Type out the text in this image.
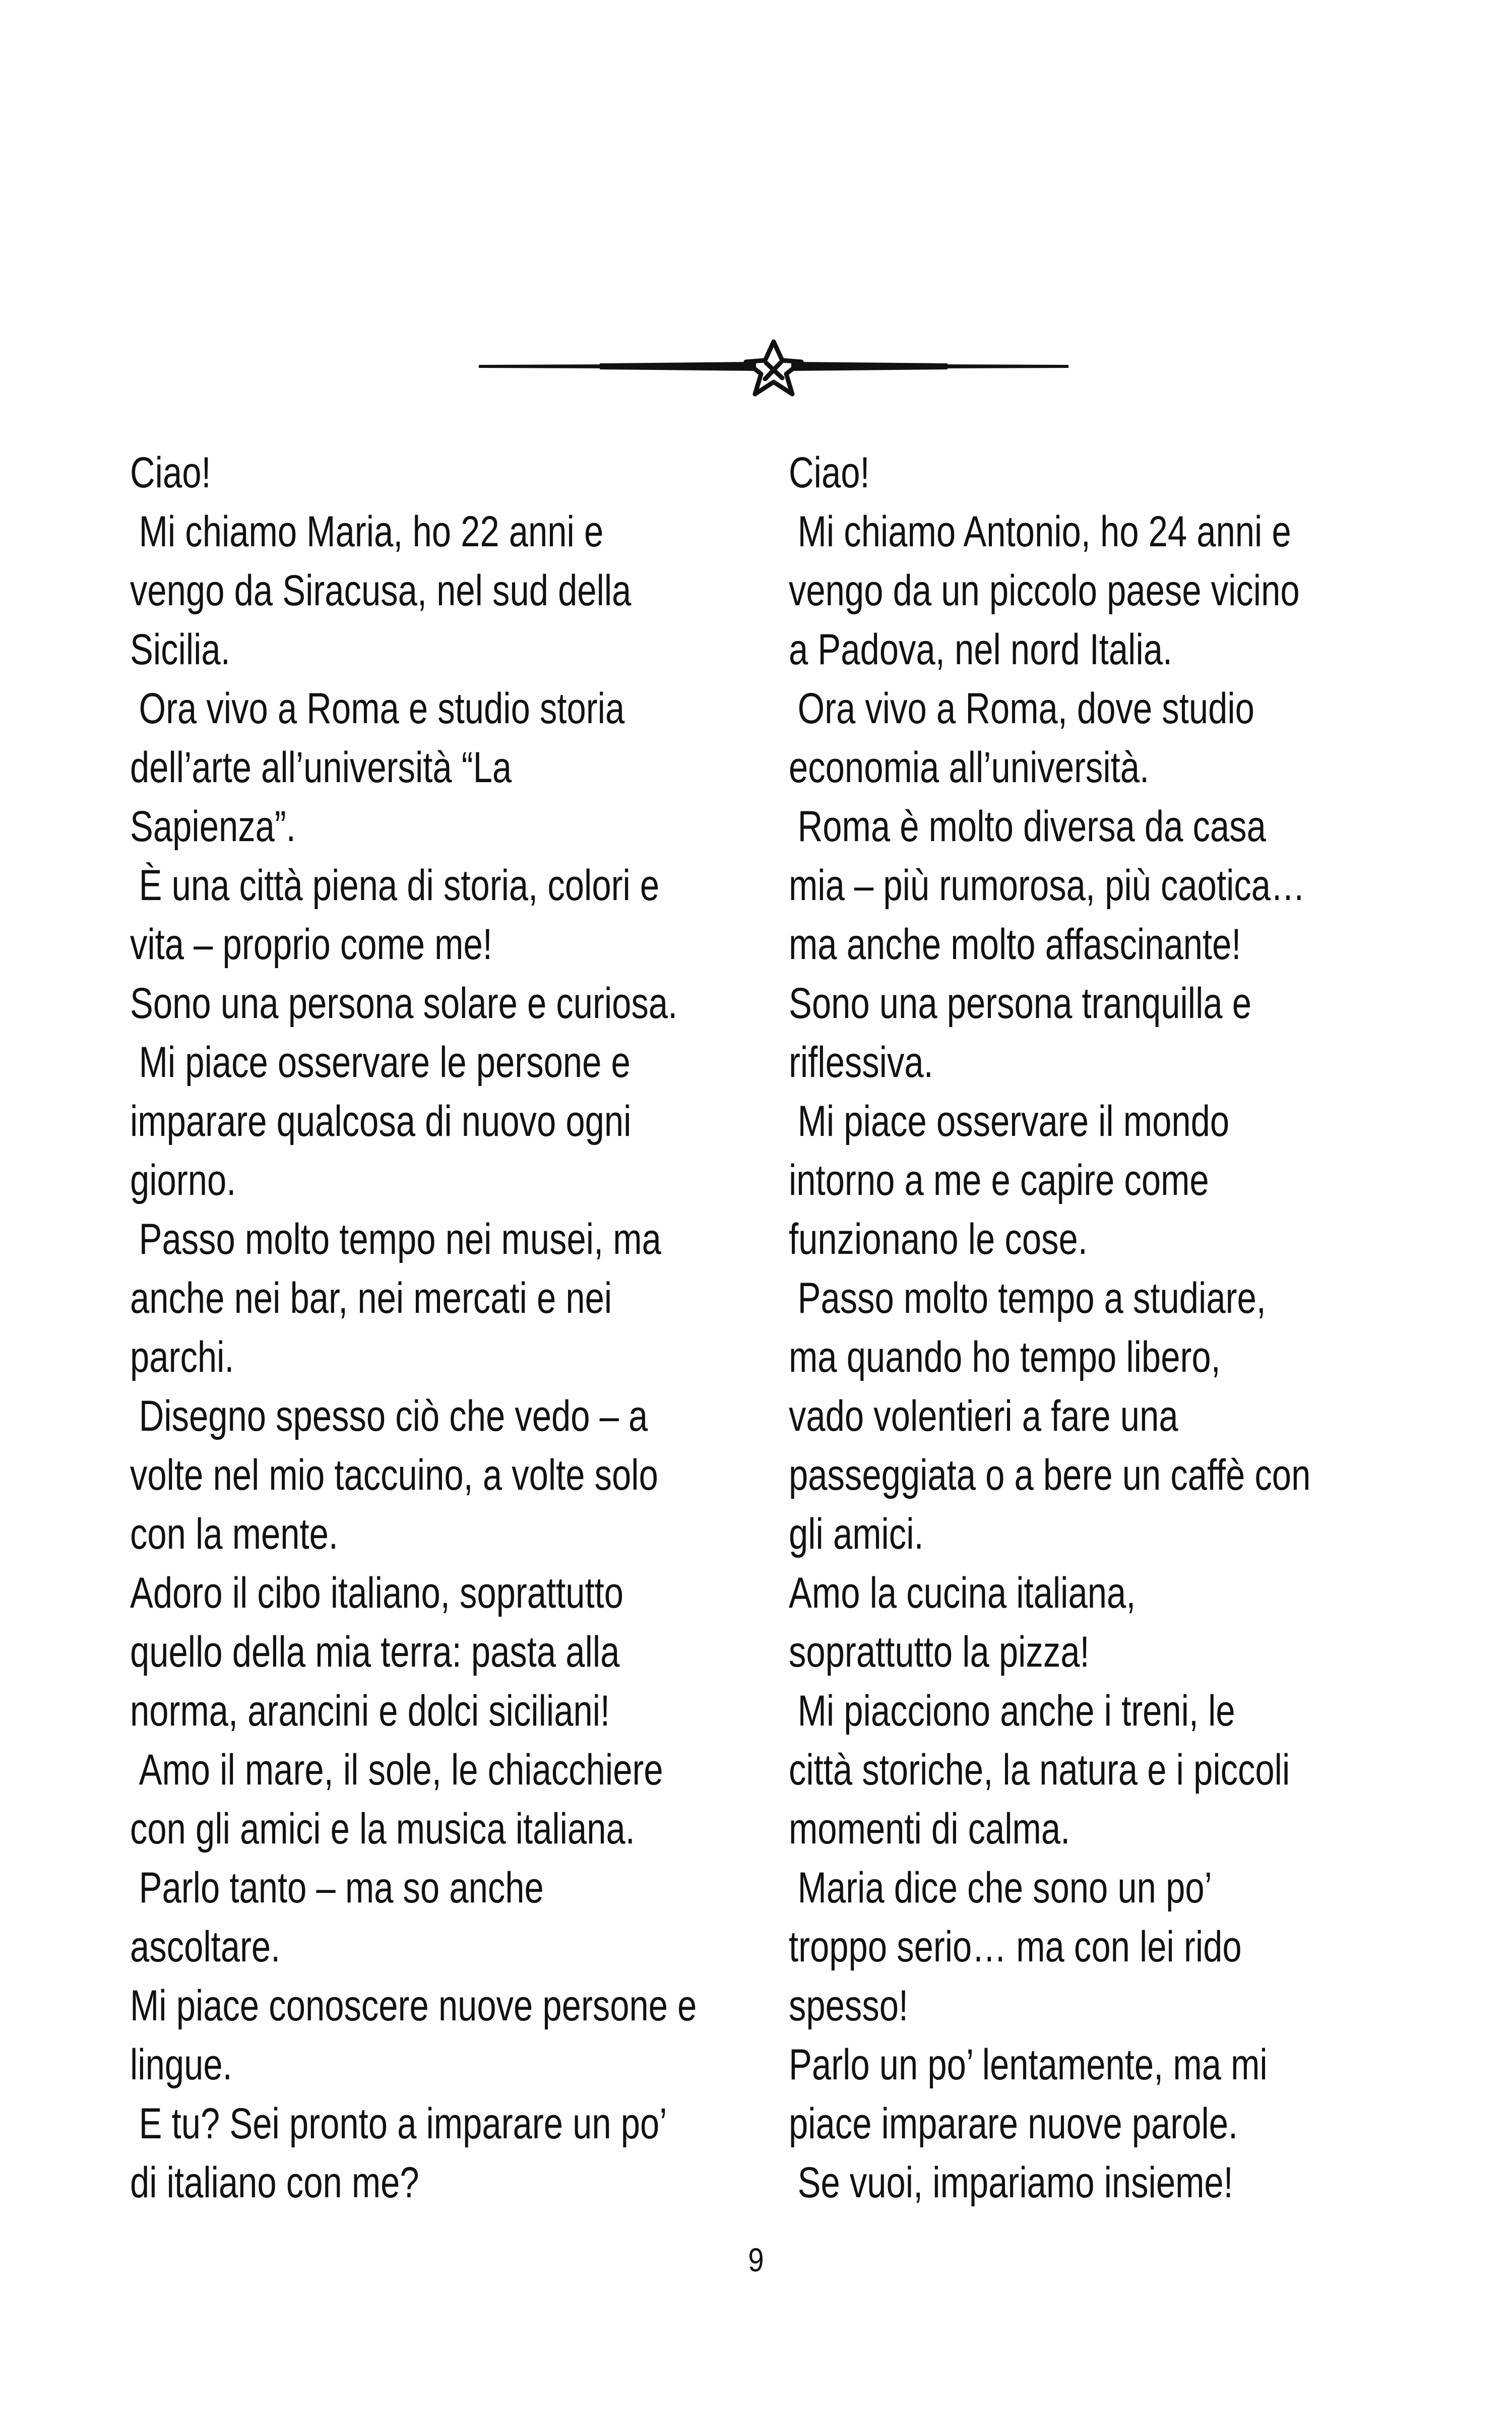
Ciao!
Mi chiamo Maria, ho 22 anni e
vengo da Siracusa, nel sud della
Sicilia.
Ora vivo a Roma e studio storia
dell’arte all’università “La
Sapienza”.
È una città piena di storia, colori e
vita – proprio come me!
Sono una persona solare e curiosa.
Mi piace osservare le persone e
imparare qualcosa di nuovo ogni
giorno.
Passo molto tempo nei musei, ma
anche nei bar, nei mercati e nei
parchi.
Disegno spesso ciò che vedo – a
volte nel mio taccuino, a volte solo
con la mente.
Adoro il cibo italiano, soprattutto
quello della mia terra: pasta alla
norma, arancini e dolci siciliani!
Amo il mare, il sole, le chiacchiere
con gli amici e la musica italiana.
Parlo tanto – ma so anche
ascoltare.
Mi piace conoscere nuove persone e
lingue.
E tu? Sei pronto a imparare un po’
di italiano con me?
Ciao!
Mi chiamo Antonio, ho 24 anni e
vengo da un piccolo paese vicino
a Padova, nel nord Italia.
Ora vivo a Roma, dove studio
economia all’università.
Roma è molto diversa da casa
mia – più rumorosa, più caotica…
ma anche molto affascinante!
Sono una persona tranquilla e
riflessiva.
Mi piace osservare il mondo
intorno a me e capire come
funzionano le cose.
Passo molto tempo a studiare,
ma quando ho tempo libero,
vado volentieri a fare una
passeggiata o a bere un caffè con
gli amici.
Amo la cucina italiana,
soprattutto la pizza!
Mi piacciono anche i treni, le
città storiche, la natura e i piccoli
momenti di calma.
Maria dice che sono un po’
troppo serio… ma con lei rido
spesso!
Parlo un po’ lentamente, ma mi
piace imparare nuove parole.
Se vuoi, impariamo insieme!
9
